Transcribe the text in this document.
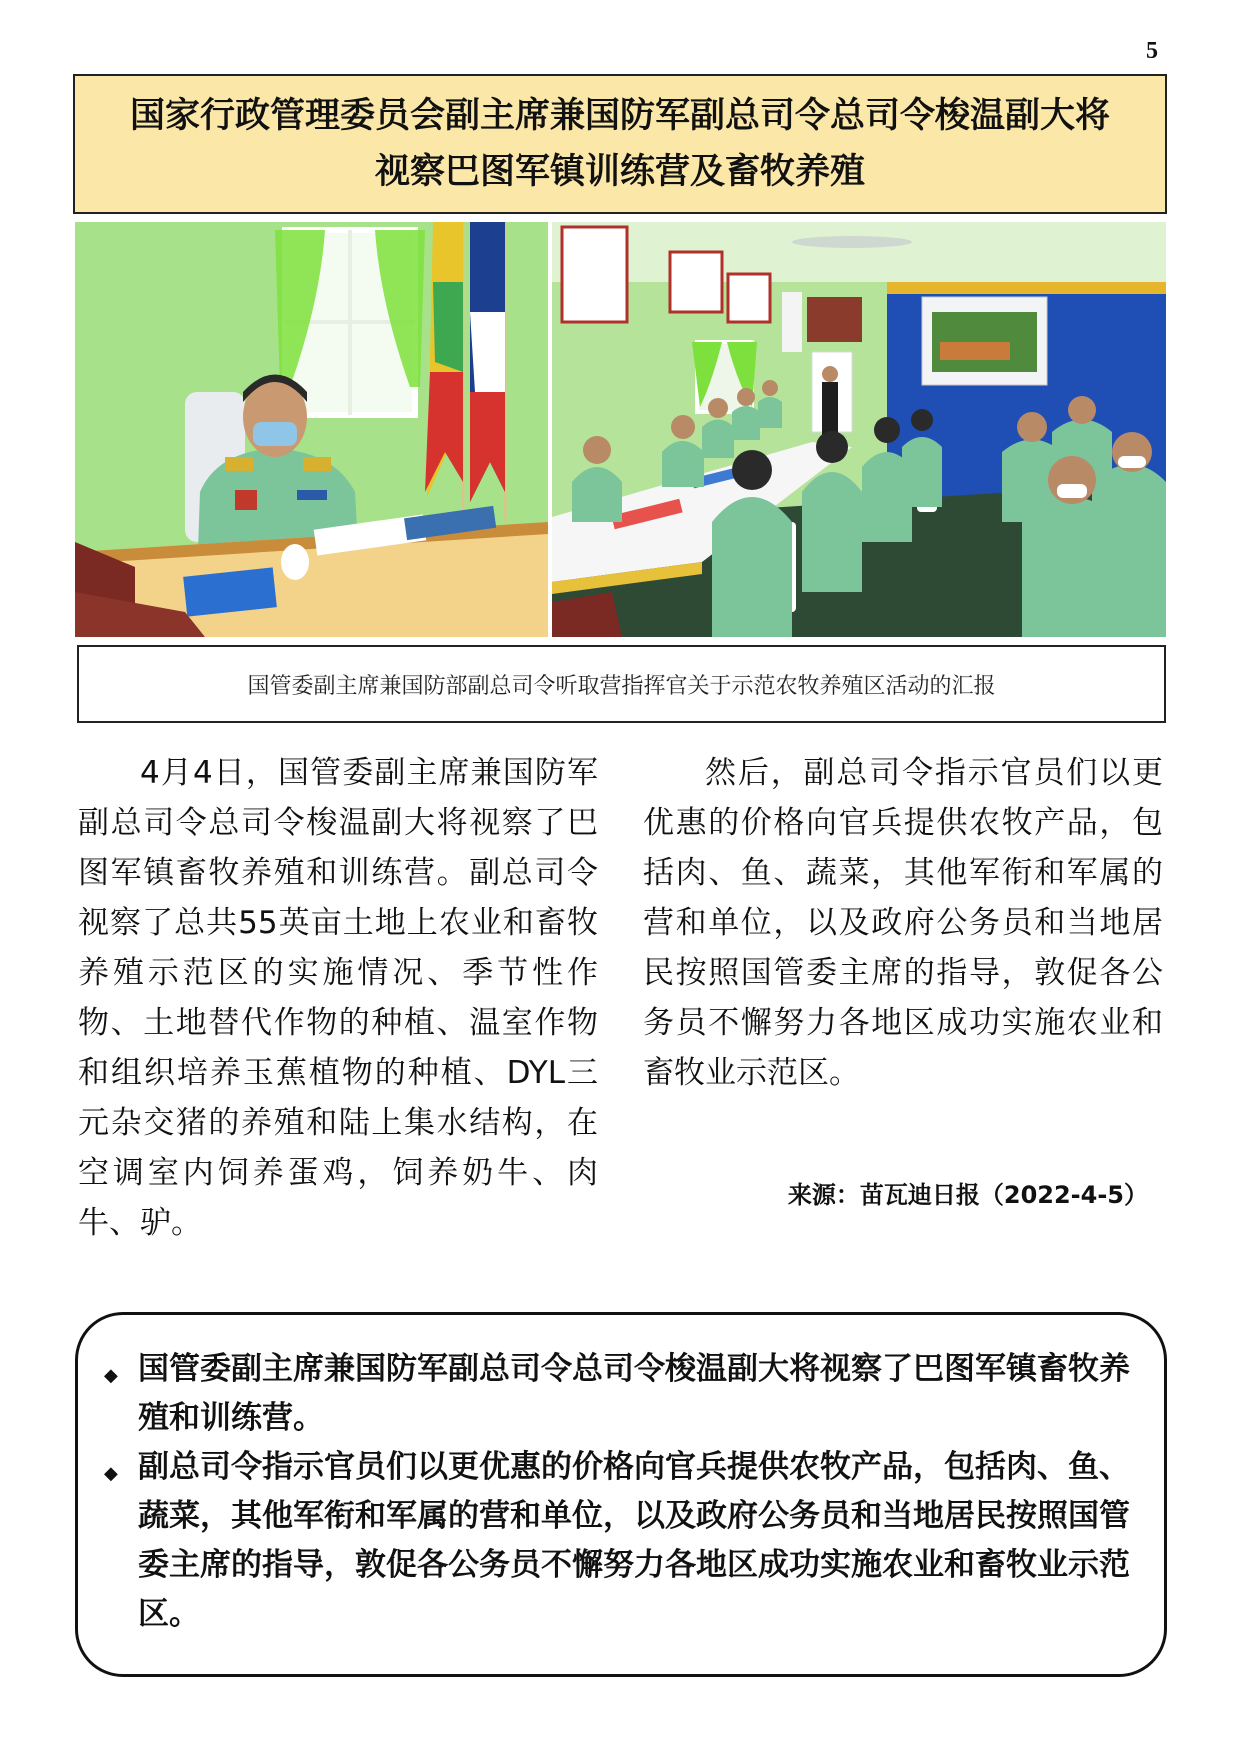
5
国家行政管理委员会副主席兼国防军副总司令总司令梭温副大将
视察巴图军镇训练营及畜牧养殖
国管委副主席兼国防部副总司令听取营指挥官关于示范农牧养殖区活动的汇报
4月4日，国管委副主席兼国防军副总司令总司令梭温副大将视察了巴图军镇畜牧养殖和训练营。副总司令视察了总共55英亩土地上农业和畜牧养殖示范区的实施情况、季节性作物、土地替代作物的种植、温室作物和组织培养玉蕉植物的种植、DYL三元杂交猪的养殖和陆上集水结构，在空调室内饲养蛋鸡，饲养奶牛、肉牛、驴。
然后，副总司令指示官员们以更优惠的价格向官兵提供农牧产品，包括肉、鱼、蔬菜，其他军衔和军属的营和单位，以及政府公务员和当地居民按照国管委主席的指导，敦促各公务员不懈努力各地区成功实施农业和畜牧业示范区。
来源：苗瓦迪日报（2022-4-5）
◆ 国管委副主席兼国防军副总司令总司令梭温副大将视察了巴图军镇畜牧养殖和训练营。
◆ 副总司令指示官员们以更优惠的价格向官兵提供农牧产品，包括肉、鱼、蔬菜，其他军衔和军属的营和单位，以及政府公务员和当地居民按照国管委主席的指导，敦促各公务员不懈努力各地区成功实施农业和畜牧业示范区。
